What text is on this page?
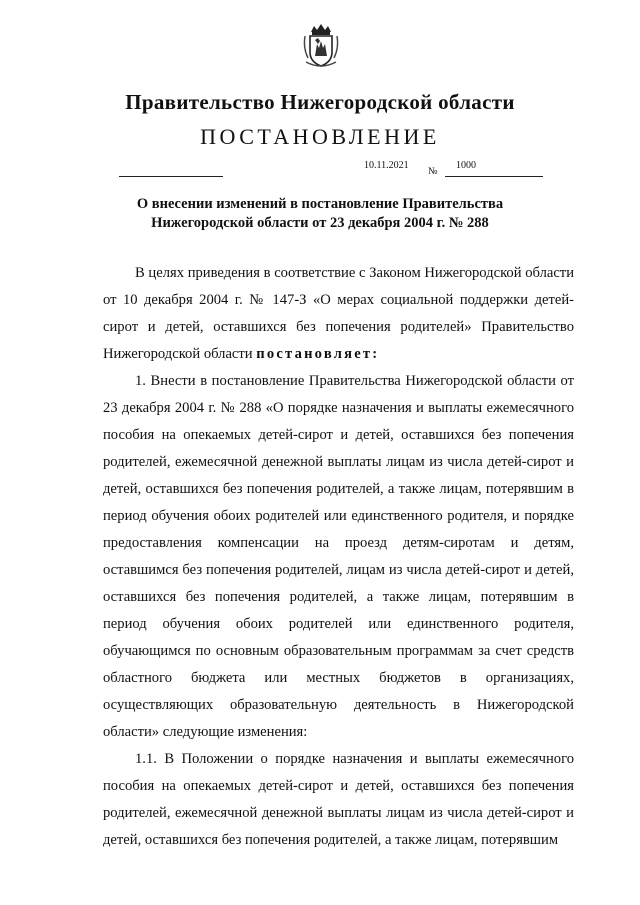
Правительство Нижегородской области
ПОСТАНОВЛЕНИЕ
10.11.2021
№
1000
О внесении изменений в постановление Правительства
Нижегородской области от 23 декабря 2004 г. № 288

В целях приведения в соответствие с Законом Нижегородской области от 10 декабря 2004 г. № 147-З «О мерах социальной поддержки детей-сирот и детей, оставшихся без попечения родителей» Правительство Нижегородской области постановляет:

1. Внести в постановление Правительства Нижегородской области от 23 декабря 2004 г. № 288 «О порядке назначения и выплаты ежемесячного пособия на опекаемых детей-сирот и детей, оставшихся без попечения родителей, ежемесячной денежной выплаты лицам из числа детей-сирот и детей, оставшихся без попечения родителей, а также лицам, потерявшим в период обучения обоих родителей или единственного родителя, и порядке предоставления компенсации на проезд детям-сиротам и детям, оставшимся без попечения родителей, лицам из числа детей-сирот и детей, оставшихся без попечения родителей, а также лицам, потерявшим в период обучения обоих родителей или единственного родителя, обучающимся по основным образовательным программам за счет средств областного бюджета или местных бюджетов в организациях, осуществляющих образовательную деятельность в Нижегородской области» следующие изменения:

1.1. В Положении о порядке назначения и выплаты ежемесячного пособия на опекаемых детей-сирот и детей, оставшихся без попечения родителей, ежемесячной денежной выплаты лицам из числа детей-сирот и детей, оставшихся без попечения родителей, а также лицам, потерявшим
